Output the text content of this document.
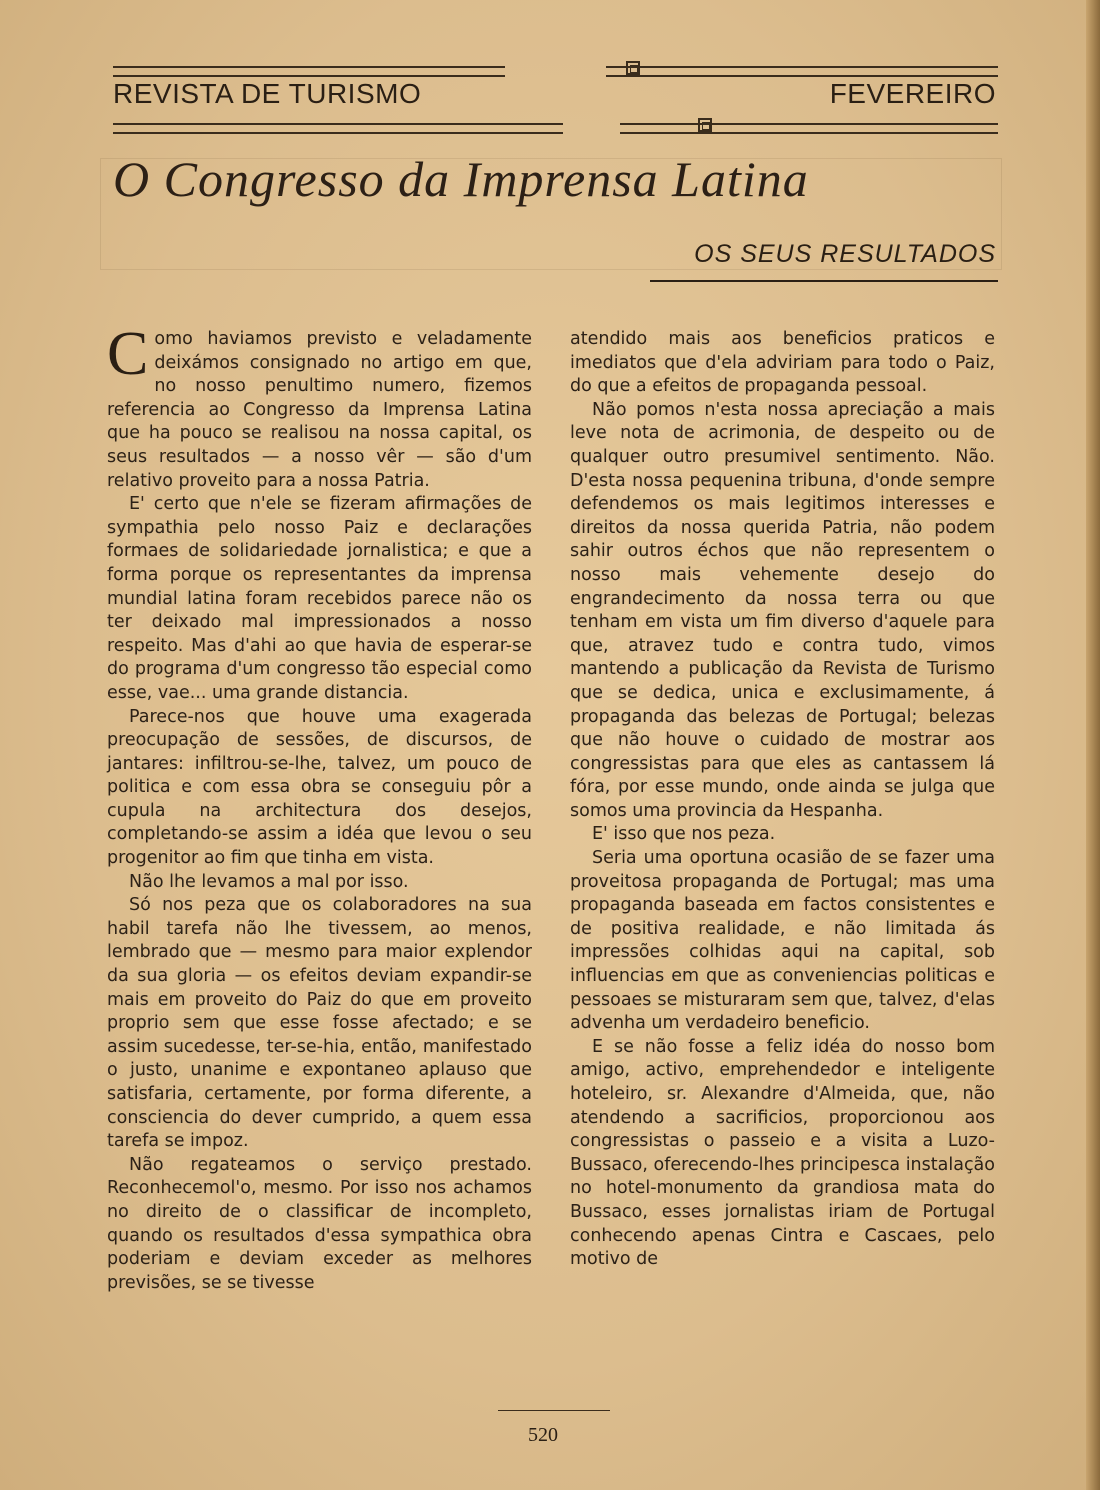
REVISTA DE TURISMO	FEVEREIRO
O Congresso da Imprensa Latina
OS SEUS RESULTADOS

Como haviamos previsto e veladamente deixámos consignado no artigo em que, no nosso penultimo numero, fizemos referencia ao Congresso da Imprensa Latina que ha pouco se realisou na nossa capital, os seus resultados — a nosso vêr — são d'um relativo proveito para a nossa Patria.

E' certo que n'ele se fizeram afirmações de sympathia pelo nosso Paiz e declarações formaes de solidariedade jornalistica; e que a forma porque os representantes da imprensa mundial latina foram recebidos parece não os ter deixado mal impressionados a nosso respeito. Mas d'ahi ao que havia de esperar-se do programa d'um congresso tão especial como esse, vae... uma grande distancia.

Parece-nos que houve uma exagerada preocupação de sessões, de discursos, de jantares: infiltrou-se-lhe, talvez, um pouco de politica e com essa obra se conseguiu pôr a cupula na architectura dos desejos, completando-se assim a idéa que levou o seu progenitor ao fim que tinha em vista.

Não lhe levamos a mal por isso.

Só nos peza que os colaboradores na sua habil tarefa não lhe tivessem, ao menos, lembrado que — mesmo para maior explendor da sua gloria — os efeitos deviam expandir-se mais em proveito do Paiz do que em proveito proprio sem que esse fosse afectado; e se assim sucedesse, ter-se-hia, então, manifestado o justo, unanime e expontaneo aplauso que satisfaria, certamente, por forma diferente, a consciencia do dever cumprido, a quem essa tarefa se impoz.

Não regateamos o serviço prestado. Reconhecemol'o, mesmo. Por isso nos achamos no direito de o classificar de incompleto, quando os resultados d'essa sympathica obra poderiam e deviam exceder as melhores previsões, se se tivesse

atendido mais aos beneficios praticos e imediatos que d'ela adviriam para todo o Paiz, do que a efeitos de propaganda pessoal.

Não pomos n'esta nossa apreciação a mais leve nota de acrimonia, de despeito ou de qualquer outro presumivel sentimento. Não. D'esta nossa pequenina tribuna, d'onde sempre defendemos os mais legitimos interesses e direitos da nossa querida Patria, não podem sahir outros échos que não representem o nosso mais vehemente desejo do engrandecimento da nossa terra ou que tenham em vista um fim diverso d'aquele para que, atravez tudo e contra tudo, vimos mantendo a publicação da Revista de Turismo que se dedica, unica e exclusimamente, á propaganda das belezas de Portugal; belezas que não houve o cuidado de mostrar aos congressistas para que eles as cantassem lá fóra, por esse mundo, onde ainda se julga que somos uma provincia da Hespanha.

E' isso que nos peza.

Seria uma oportuna ocasião de se fazer uma proveitosa propaganda de Portugal; mas uma propaganda baseada em factos consistentes e de positiva realidade, e não limitada ás impressões colhidas aqui na capital, sob influencias em que as conveniencias politicas e pessoaes se misturaram sem que, talvez, d'elas advenha um verdadeiro beneficio.

E se não fosse a feliz idéa do nosso bom amigo, activo, emprehendedor e inteligente hoteleiro, sr. Alexandre d'Almeida, que, não atendendo a sacrificios, proporcionou aos congressistas o passeio e a visita a Luzo-Bussaco, oferecendo-lhes principesca instalação no hotel-monumento da grandiosa mata do Bussaco, esses jornalistas iriam de Portugal conhecendo apenas Cintra e Cascaes, pelo motivo de

520
